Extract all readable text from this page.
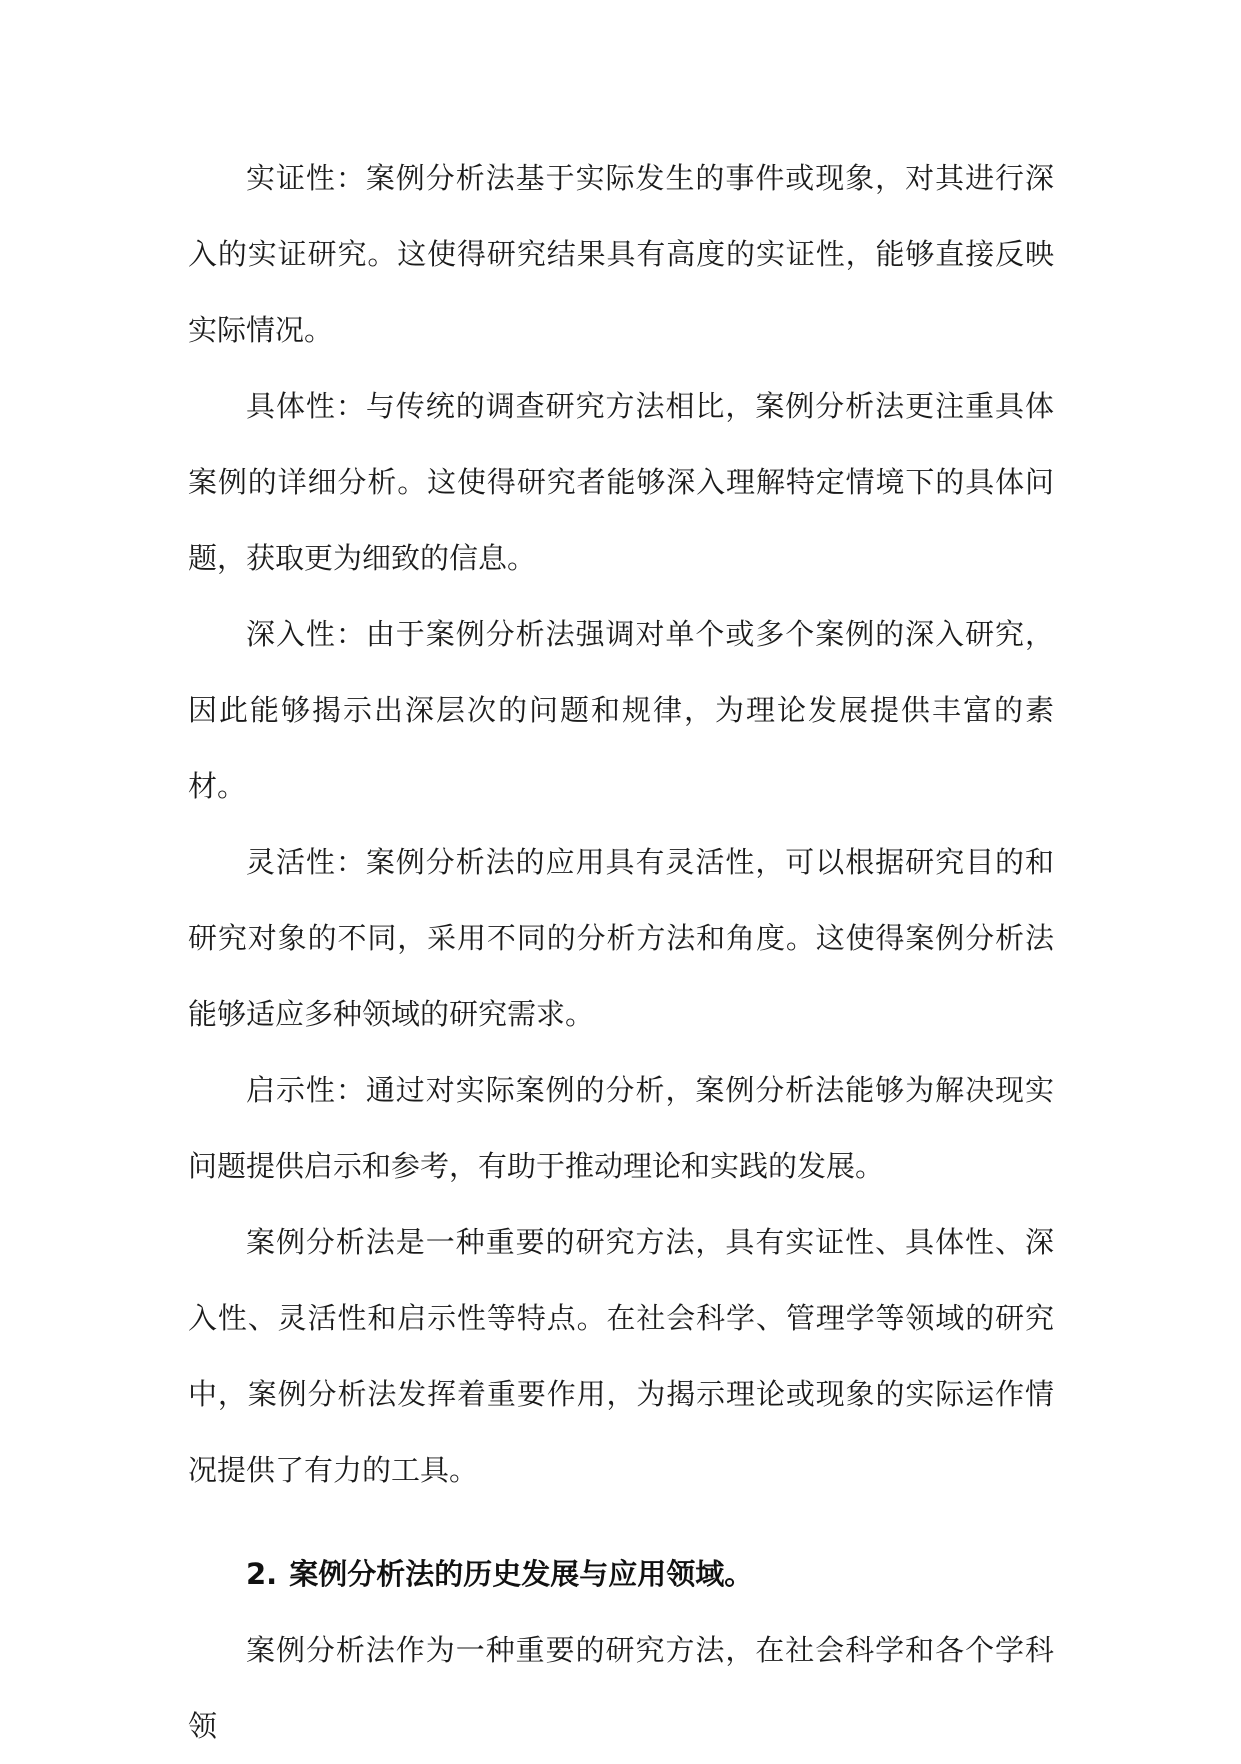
实证性：案例分析法基于实际发生的事件或现象，对其进行深入的实证研究。这使得研究结果具有高度的实证性，能够直接反映实际情况。

具体性：与传统的调查研究方法相比，案例分析法更注重具体案例的详细分析。这使得研究者能够深入理解特定情境下的具体问题，获取更为细致的信息。

深入性：由于案例分析法强调对单个或多个案例的深入研究，因此能够揭示出深层次的问题和规律，为理论发展提供丰富的素材。

灵活性：案例分析法的应用具有灵活性，可以根据研究目的和研究对象的不同，采用不同的分析方法和角度。这使得案例分析法能够适应多种领域的研究需求。

启示性：通过对实际案例的分析，案例分析法能够为解决现实问题提供启示和参考，有助于推动理论和实践的发展。

案例分析法是一种重要的研究方法，具有实证性、具体性、深入性、灵活性和启示性等特点。在社会科学、管理学等领域的研究中，案例分析法发挥着重要作用，为揭示理论或现象的实际运作情况提供了有力的工具。

2. 案例分析法的历史发展与应用领域。

案例分析法作为一种重要的研究方法，在社会科学和各个学科领
